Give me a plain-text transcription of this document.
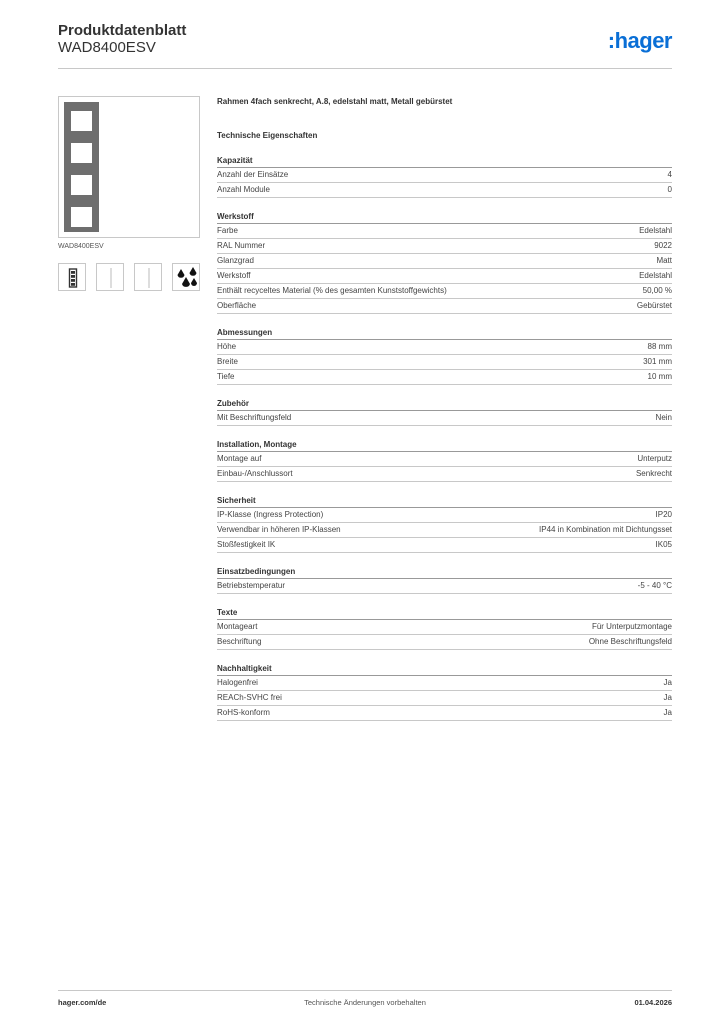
Produktdatenblatt
WAD8400ESV	:hager
WAD8400ESV
Rahmen 4fach senkrecht, A.8, edelstahl matt, Metall gebürstet
Technische Eigenschaften
Kapazität
Anzahl der Einsätze	4
Anzahl Module	0
Werkstoff
Farbe	Edelstahl
RAL Nummer	9022
Glanzgrad	Matt
Werkstoff	Edelstahl
Enthält recyceltes Material (% des gesamten Kunststoffgewichts)	50,00 %
Oberfläche	Gebürstet
Abmessungen
Höhe	88 mm
Breite	301 mm
Tiefe	10 mm
Zubehör
Mit Beschriftungsfeld	Nein
Installation, Montage
Montage auf	Unterputz
Einbau-/Anschlussort	Senkrecht
Sicherheit
IP-Klasse (Ingress Protection)	IP20
Verwendbar in höheren IP-Klassen	IP44 in Kombination mit Dichtungsset
Stoßfestigkeit IK	IK05
Einsatzbedingungen
Betriebstemperatur	-5 - 40 °C
Texte
Montageart	Für Unterputzmontage
Beschriftung	Ohne Beschriftungsfeld
Nachhaltigkeit
Halogenfrei	Ja
REACh-SVHC frei	Ja
RoHS-konform	Ja
Technische Änderungen vorbehalten
hager.com/de	01.04.2026
